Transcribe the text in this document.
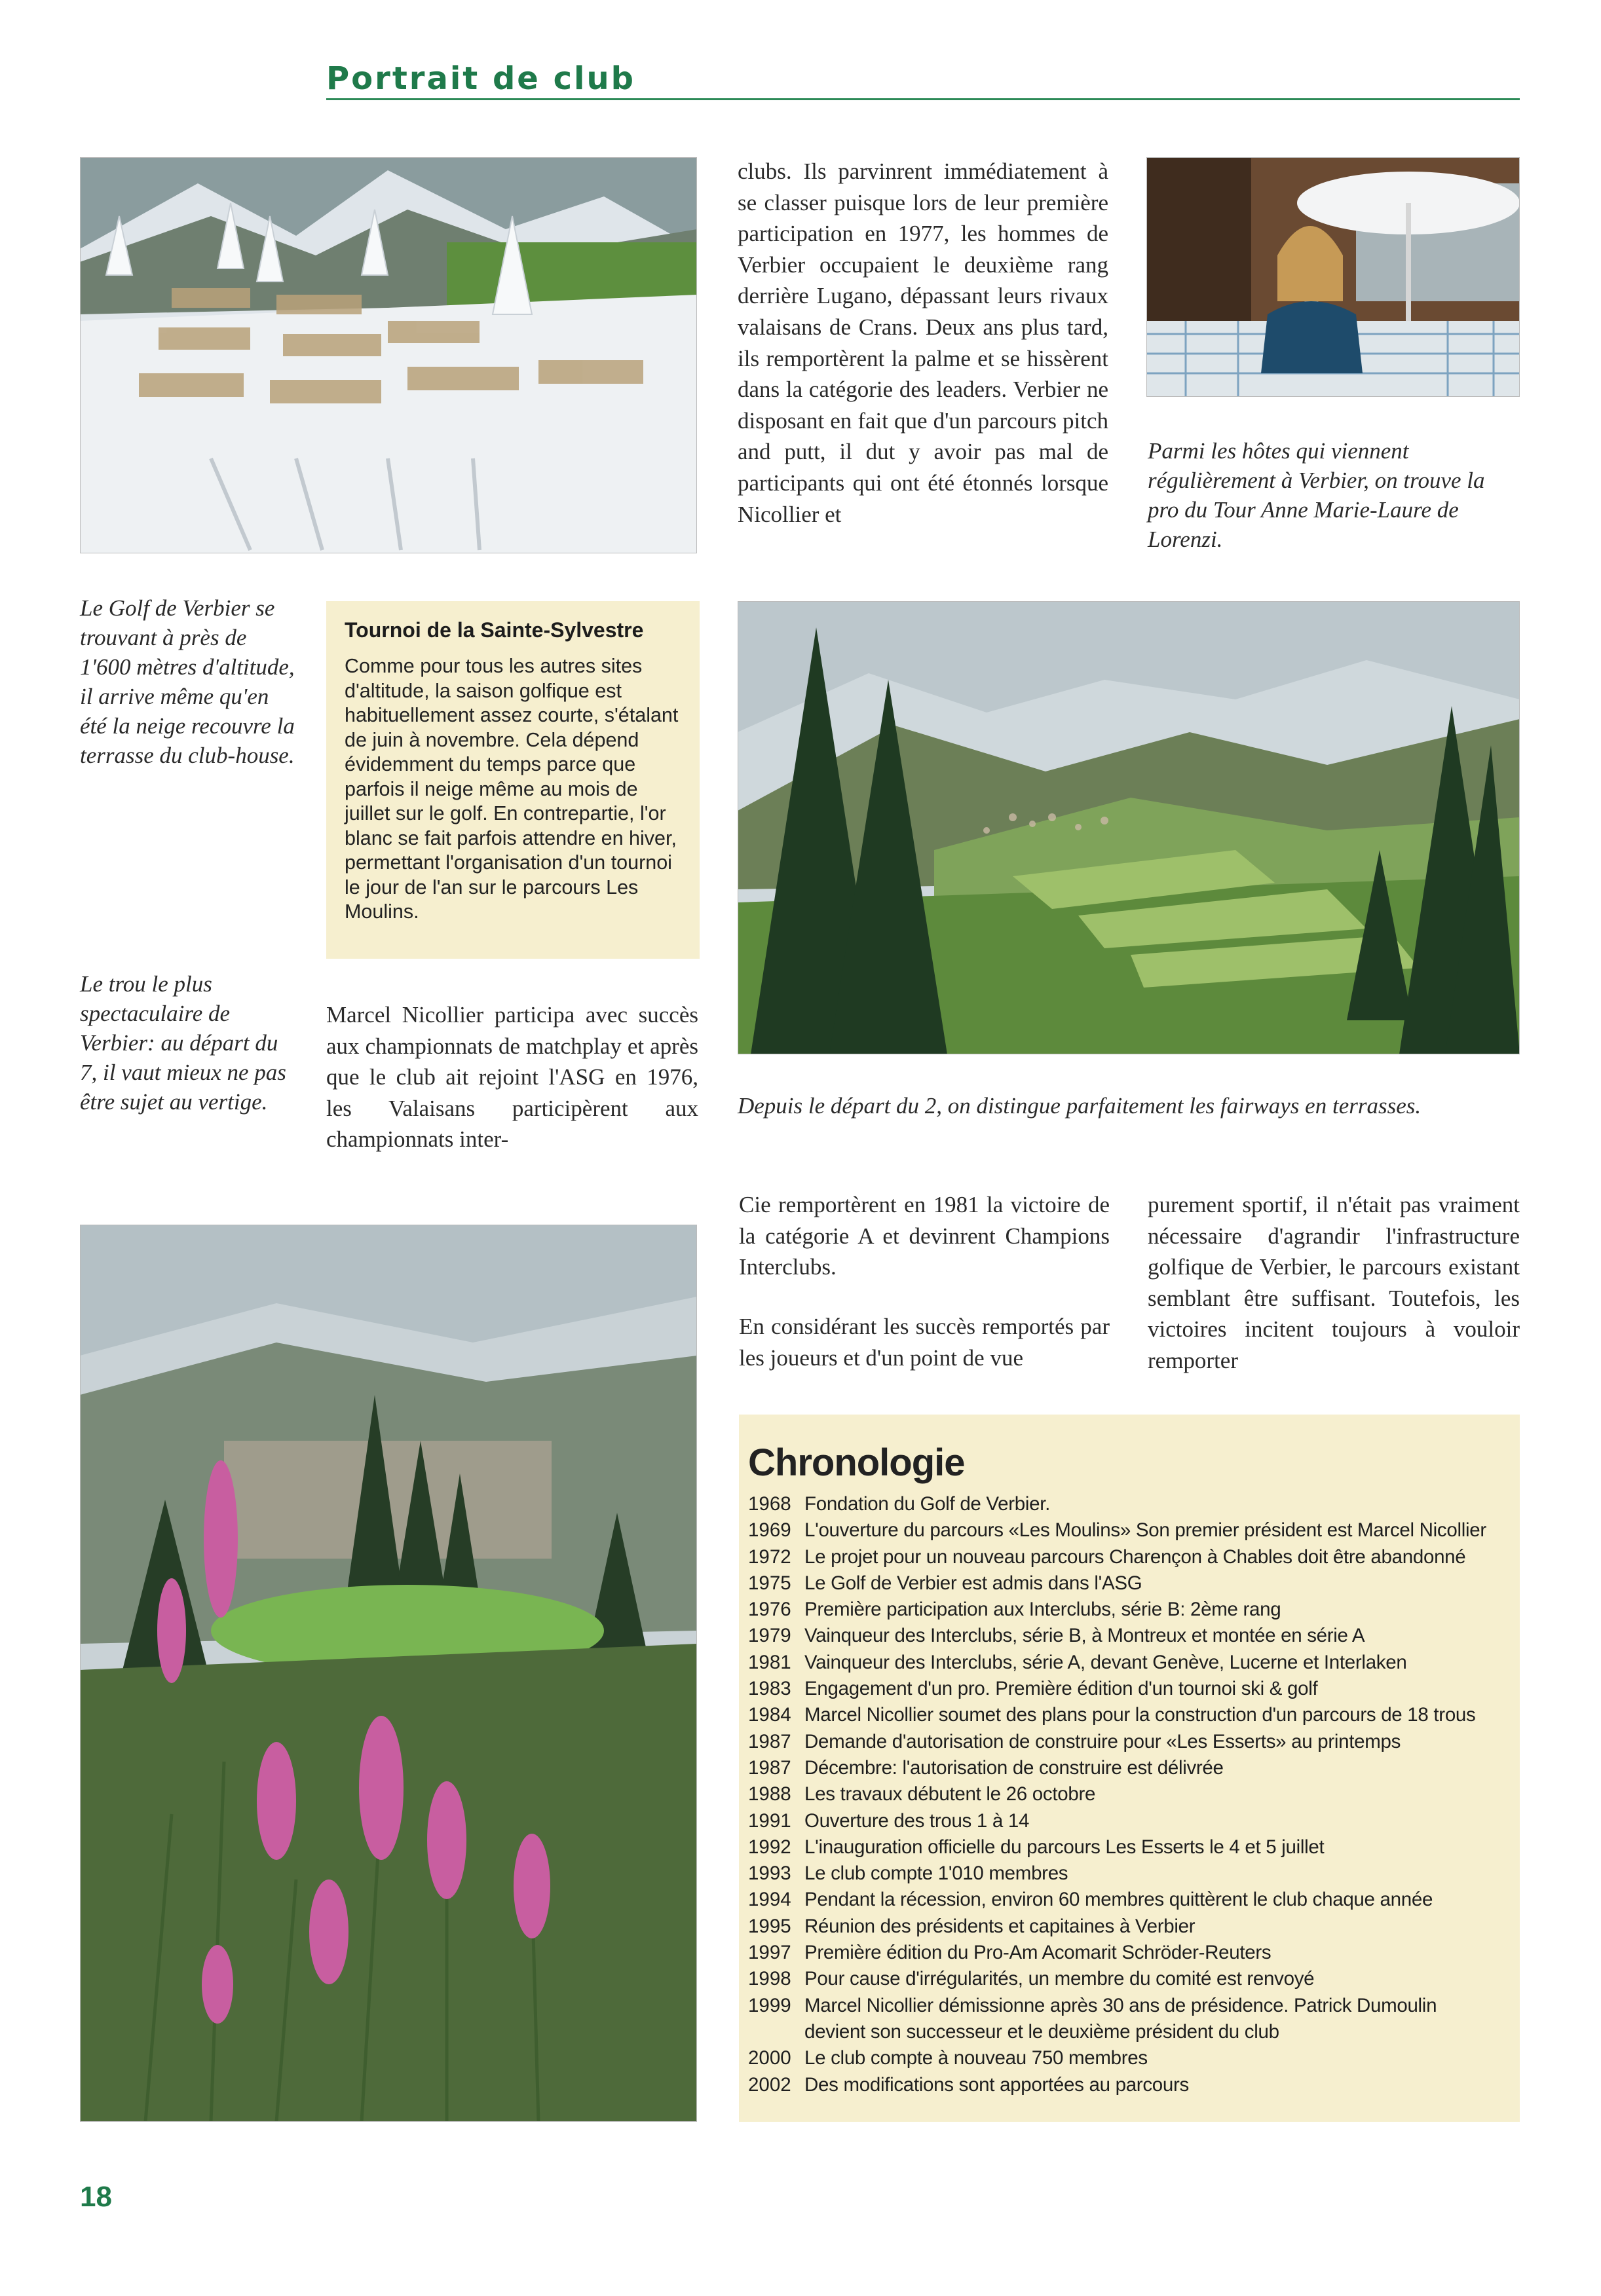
Portrait de club
clubs. Ils parvinrent immédiatement à se classer puisque lors de leur première participation en 1977, les hommes de Verbier occupaient le deuxième rang derrière Lugano, dépassant leurs rivaux valaisans de Crans. Deux ans plus tard, ils remportèrent la palme et se hissèrent dans la catégorie des leaders. Verbier ne disposant en fait que d'un parcours pitch and putt, il dut y avoir pas mal de participants qui ont été étonnés lorsque Nicollier et
Parmi les hôtes qui viennent régulièrement à Verbier, on trouve la pro du Tour Anne Marie-Laure de Lorenzi.
Le Golf de Verbier se trouvant à près de 1'600 mètres d'altitude, il arrive même qu'en été la neige recouvre la terrasse du club-house.
Le trou le plus spectaculaire de Verbier: au départ du 7, il vaut mieux ne pas être sujet au vertige.
Tournoi de la Sainte-Sylvestre
Comme pour tous les autres sites d'altitude, la saison golfique est habituellement assez courte, s'étalant de juin à novembre. Cela dépend évidemment du temps parce que parfois il neige même au mois de juillet sur le golf. En contrepartie, l'or blanc se fait parfois attendre en hiver, permettant l'organisation d'un tournoi le jour de l'an sur le parcours Les Moulins.
Marcel Nicollier participa avec succès aux championnats de matchplay et après que le club ait rejoint l'ASG en 1976, les Valaisans participèrent aux championnats inter-
Depuis le départ du 2, on distingue parfaitement les fairways en terrasses.
Cie remportèrent en 1981 la victoire de la catégorie A et devinrent Champions Interclubs.
En considérant les succès remportés par les joueurs et d'un point de vue
purement sportif, il n'était pas vraiment nécessaire d'agrandir l'infrastructure golfique de Verbier, le parcours existant semblant être suffisant. Toutefois, les victoires incitent toujours à vouloir remporter
Chronologie
1968 Fondation du Golf de Verbier.
1969 L'ouverture du parcours «Les Moulins» Son premier président est Marcel Nicollier
1972 Le projet pour un nouveau parcours Charençon à Chables doit être abandonné
1975 Le Golf de Verbier est admis dans l'ASG
1976 Première participation aux Interclubs, série B: 2ème rang
1979 Vainqueur des Interclubs, série B, à Montreux et montée en série A
1981 Vainqueur des Interclubs, série A, devant Genève, Lucerne et Interlaken
1983 Engagement d'un pro. Première édition d'un tournoi ski & golf
1984 Marcel Nicollier soumet des plans pour la construction d'un parcours de 18 trous
1987 Demande d'autorisation de construire pour «Les Esserts» au printemps
1987 Décembre: l'autorisation de construire est délivrée
1988 Les travaux débutent le 26 octobre
1991 Ouverture des trous 1 à 14
1992 L'inauguration officielle du parcours Les Esserts le 4 et 5 juillet
1993 Le club compte 1'010 membres
1994 Pendant la récession, environ 60 membres quittèrent le club chaque année
1995 Réunion des présidents et capitaines à Verbier
1997 Première édition du Pro-Am Acomarit Schröder-Reuters
1998 Pour cause d'irrégularités, un membre du comité est renvoyé
1999 Marcel Nicollier démissionne après 30 ans de présidence. Patrick Dumoulin devient son successeur et le deuxième président du club
2000 Le club compte à nouveau 750 membres
2002 Des modifications sont apportées au parcours
18
